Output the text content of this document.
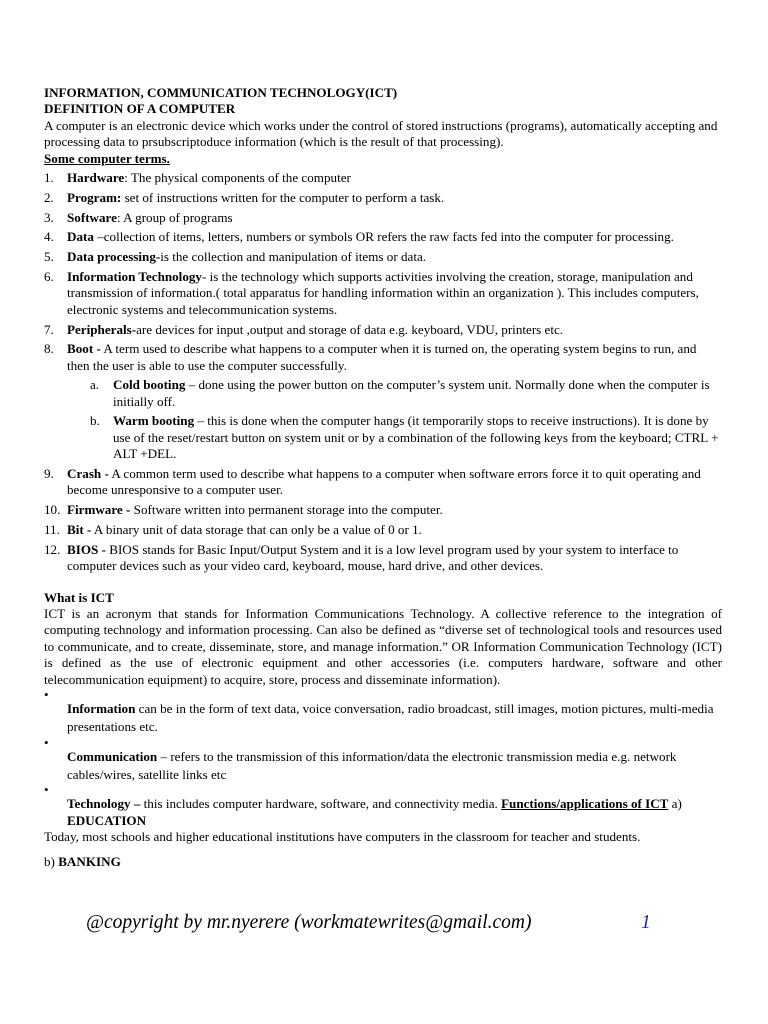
INFORMATION, COMMUNICATION TECHNOLOGY(ICT)

DEFINITION OF A COMPUTER

A computer is an electronic device which works under the control of stored instructions (programs), automatically accepting and processing data to prsubscriptoduce information (which is the result of that processing).

Some computer terms.

1. Hardware: The physical components of the computer
2. Program: set of instructions written for the computer to perform a task.
3. Software: A group of programs
4. Data –collection of items, letters, numbers or symbols OR refers the raw facts fed into the computer for processing.
5. Data processing-is the collection and manipulation of items or data.
6. Information Technology- is the technology which supports activities involving the creation, storage, manipulation and transmission of information.( total apparatus for handling information within an organization ). This includes computers, electronic systems and telecommunication systems.
7. Peripherals-are devices for input ,output and storage of data e.g. keyboard, VDU, printers etc.
8. Boot - A term used to describe what happens to a computer when it is turned on, the operating system begins to run, and then the user is able to use the computer successfully.
a. Cold booting – done using the power button on the computer’s system unit. Normally done when the computer is initially off.
b. Warm booting – this is done when the computer hangs (it temporarily stops to receive instructions). It is done by use of the reset/restart button on system unit or by a combination of the following keys from the keyboard; CTRL + ALT +DEL.
9. Crash - A common term used to describe what happens to a computer when software errors force it to quit operating and become unresponsive to a computer user.
10. Firmware - Software written into permanent storage into the computer.
11. Bit - A binary unit of data storage that can only be a value of 0 or 1.
12. BIOS - BIOS stands for Basic Input/Output System and it is a low level program used by your system to interface to computer devices such as your video card, keyboard, mouse, hard drive, and other devices.

What is ICT

ICT is an acronym that stands for Information Communications Technology. A collective reference to the integration of computing technology and information processing. Can also be defined as “diverse set of technological tools and resources used to communicate, and to create, disseminate, store, and manage information.” OR Information Communication Technology (ICT) is defined as the use of electronic equipment and other accessories (i.e. computers hardware, software and other telecommunication equipment) to acquire, store, process and disseminate information).

•
Information can be in the form of text data, voice conversation, radio broadcast, still images, motion pictures, multi-media presentations etc.
•
Communication – refers to the transmission of this information/data the electronic transmission media e.g. network cables/wires, satellite links etc
•
Technology – this includes computer hardware, software, and connectivity media. Functions/applications of ICT a) EDUCATION

Today, most schools and higher educational institutions have computers in the classroom for teacher and students.

b) BANKING

@copyright by mr.nyerere (workmatewrites@gmail.com)	1
